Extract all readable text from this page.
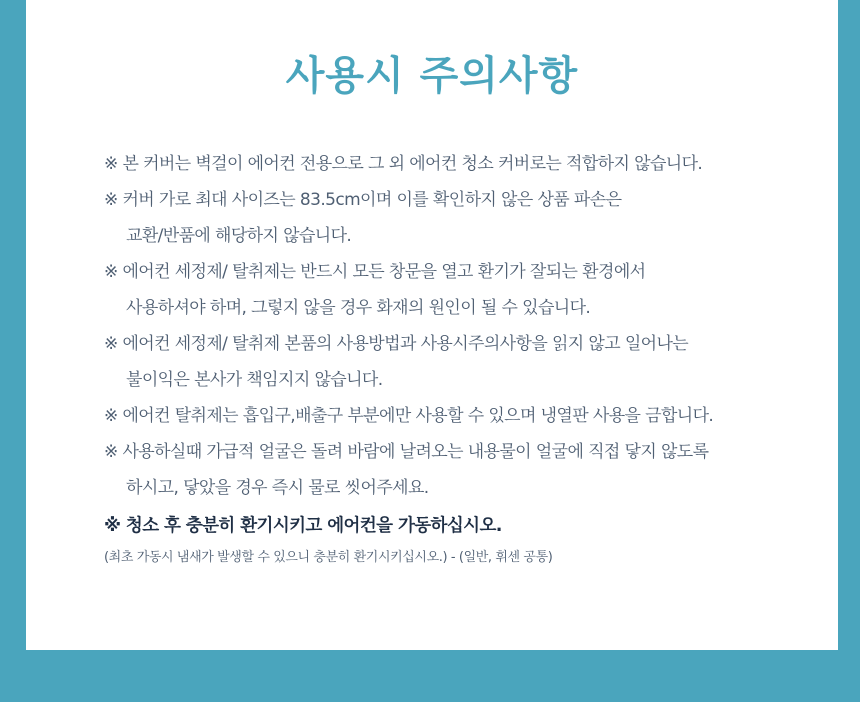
사용시 주의사항
※ 본 커버는 벽걸이 에어컨 전용으로 그 외 에어컨 청소 커버로는 적합하지 않습니다.
※ 커버 가로 최대 사이즈는 83.5cm이며 이를 확인하지 않은 상품 파손은
교환/반품에 해당하지 않습니다.
※ 에어컨 세정제/ 탈취제는 반드시 모든 창문을 열고 환기가 잘되는 환경에서
사용하셔야 하며, 그렇지 않을 경우 화재의 원인이 될 수 있습니다.
※ 에어컨 세정제/ 탈취제 본품의 사용방법과 사용시주의사항을 읽지 않고 일어나는
불이익은 본사가 책임지지 않습니다.
※ 에어컨 탈취제는 흡입구,배출구 부분에만 사용할 수 있으며 냉열판 사용을 금합니다.
※ 사용하실때 가급적 얼굴은 돌려 바람에 날려오는 내용물이 얼굴에 직접 닿지 않도록
하시고, 닿았을 경우 즉시 물로 씻어주세요.
※ 청소 후 충분히 환기시키고 에어컨을 가동하십시오.
(최초 가동시 냄새가 발생할 수 있으니 충분히 환기시키십시오.) - (일반, 휘센 공통)
